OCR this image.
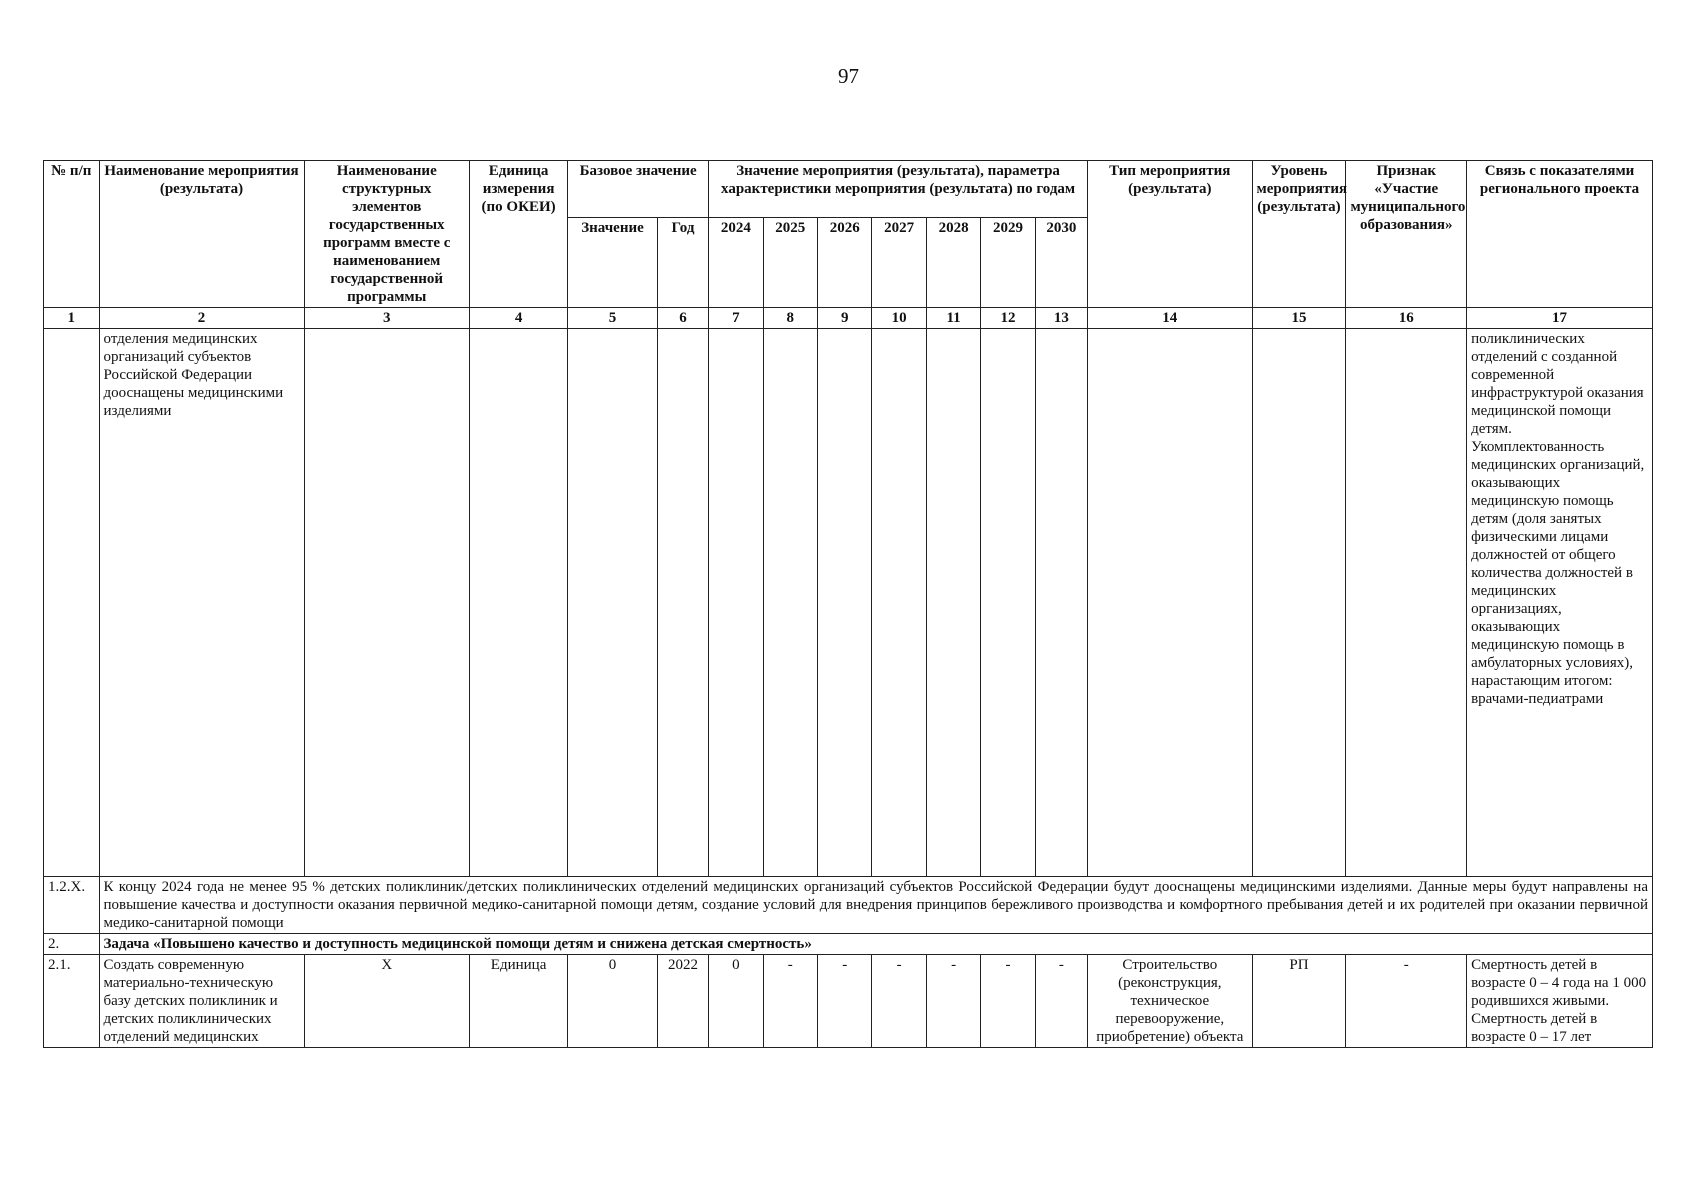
97
№ п/п	Наименование мероприятия (результата)	Наименование структурных элементов государственных программ вместе с наименованием государственной программы	Единица измерения (по ОКЕИ)	Базовое значение		Значение мероприятия (результата), параметра характеристики мероприятия (результата) по годам							Тип мероприятия (результата)	Уровень мероприятия (результата)	Признак «Участие муниципального образования»	Связь с показателями регионального проекта
				Значение	Год	2024	2025	2026	2027	2028	2029	2030				
1	2	3	4	5	6	7	8	9	10	11	12	13	14	15	16	17
	отделения медицинских организаций субъектов Российской Федерации дооснащены медицинскими изделиями															поликлинических отделений с созданной современной инфраструктурой оказания медицинской помощи детям. Укомплектованность медицинских организаций, оказывающих медицинскую помощь детям (доля занятых физическими лицами должностей от общего количества должностей в медицинских организациях, оказывающих медицинскую помощь в амбулаторных условиях), нарастающим итогом: врачами-педиатрами
1.2.X.	К концу 2024 года не менее 95 % детских поликлиник/детских поликлинических отделений медицинских организаций субъектов Российской Федерации будут дооснащены медицинскими изделиями. Данные меры будут направлены на повышение качества и доступности оказания первичной медико-санитарной помощи детям, создание условий для внедрения принципов бережливого производства и комфортного пребывания детей и их родителей при оказании первичной медико-санитарной помощи															
2.	Задача «Повышено качество и доступность медицинской помощи детям и снижена детская смертность»															
2.1.	Создать современную материально-техническую базу детских поликлиник и детских поликлинических отделений медицинских	Х	Единица	0	2022	0	-	-	-	-	-	-	Строительство (реконструкция, техническое перевооружение, приобретение) объекта	РП	-	Смертность детей в возрасте 0 – 4 года на 1 000 родившихся живыми. Смертность детей в возрасте 0 – 17 лет
